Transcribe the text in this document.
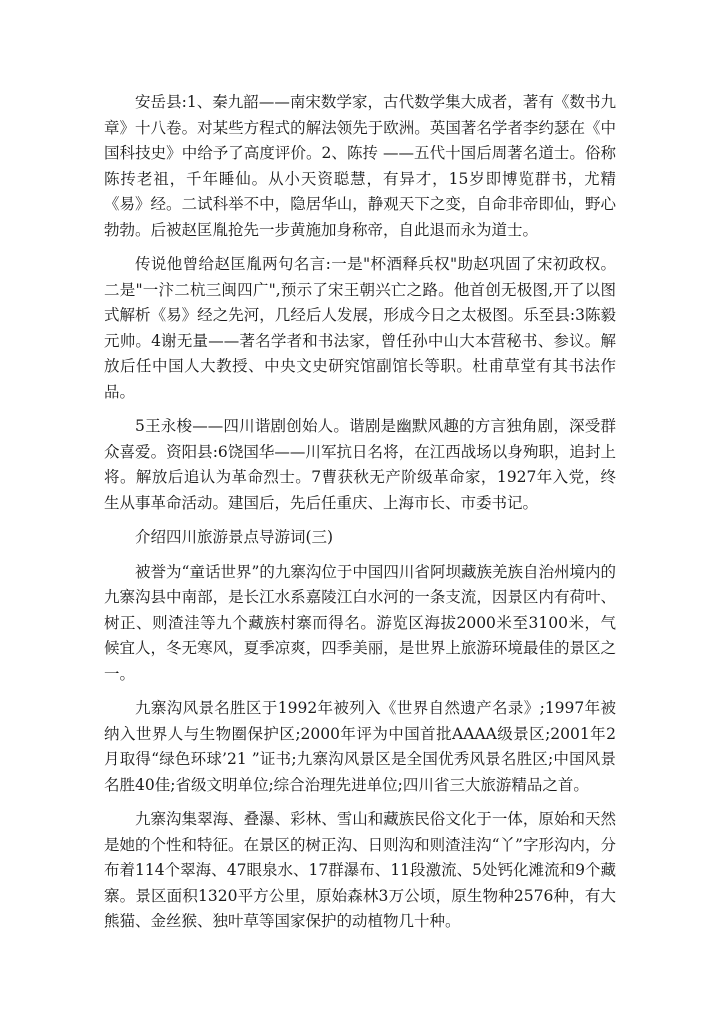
安岳县:1、秦九韶——南宋数学家，古代数学集大成者，著有《数书九章》十八卷。对某些方程式的解法领先于欧洲。英国著名学者李约瑟在《中国科技史》中给予了高度评价。2、陈抟 ——五代十国后周著名道士。俗称陈抟老祖，千年睡仙。从小天资聪慧，有异才，15岁即博览群书，尤精《易》经。二试科举不中，隐居华山，静观天下之变，自命非帝即仙，野心勃勃。后被赵匡胤抢先一步黄施加身称帝，自此退而永为道士。

传说他曾给赵匡胤两句名言:一是"杯酒释兵权"助赵巩固了宋初政权。二是"一汴二杭三闽四广",预示了宋王朝兴亡之路。他首创无极图,开了以图式解析《易》经之先河，几经后人发展，形成今日之太极图。乐至县:3陈毅元帅。4谢无量——著名学者和书法家，曾任孙中山大本营秘书、参议。解放后任中国人大教授、中央文史研究馆副馆长等职。杜甫草堂有其书法作品。

5王永梭——四川谐剧创始人。谐剧是幽默风趣的方言独角剧，深受群众喜爱。资阳县:6饶国华——川军抗日名将，在江西战场以身殉职，追封上将。解放后追认为革命烈士。7曹获秋无产阶级革命家，1927年入党，终生从事革命活动。建国后，先后任重庆、上海市长、市委书记。

介绍四川旅游景点导游词(三)

被誉为“童话世界”的九寨沟位于中国四川省阿坝藏族羌族自治州境内的九寨沟县中南部，是长江水系嘉陵江白水河的一条支流，因景区内有荷叶、树正、则渣洼等九个藏族村寨而得名。游览区海拔2000米至3100米，气候宜人，冬无寒风，夏季凉爽，四季美丽，是世界上旅游环境最佳的景区之一。

九寨沟风景名胜区于1992年被列入《世界自然遗产名录》;1997年被纳入世界人与生物圈保护区;2000年评为中国首批AAAA级景区;2001年2月取得“绿色环球’21 ”证书;九寨沟风景区是全国优秀风景名胜区;中国风景名胜40佳;省级文明单位;综合治理先进单位;四川省三大旅游精品之首。

九寨沟集翠海、叠瀑、彩林、雪山和藏族民俗文化于一体，原始和天然是她的个性和特征。在景区的树正沟、日则沟和则渣洼沟“丫”字形沟内，分布着114个翠海、47眼泉水、17群瀑布、11段激流、5处钙化滩流和9个藏寨。景区面积1320平方公里，原始森林3万公顷，原生物种2576种，有大熊猫、金丝猴、独叶草等国家保护的动植物几十种。
